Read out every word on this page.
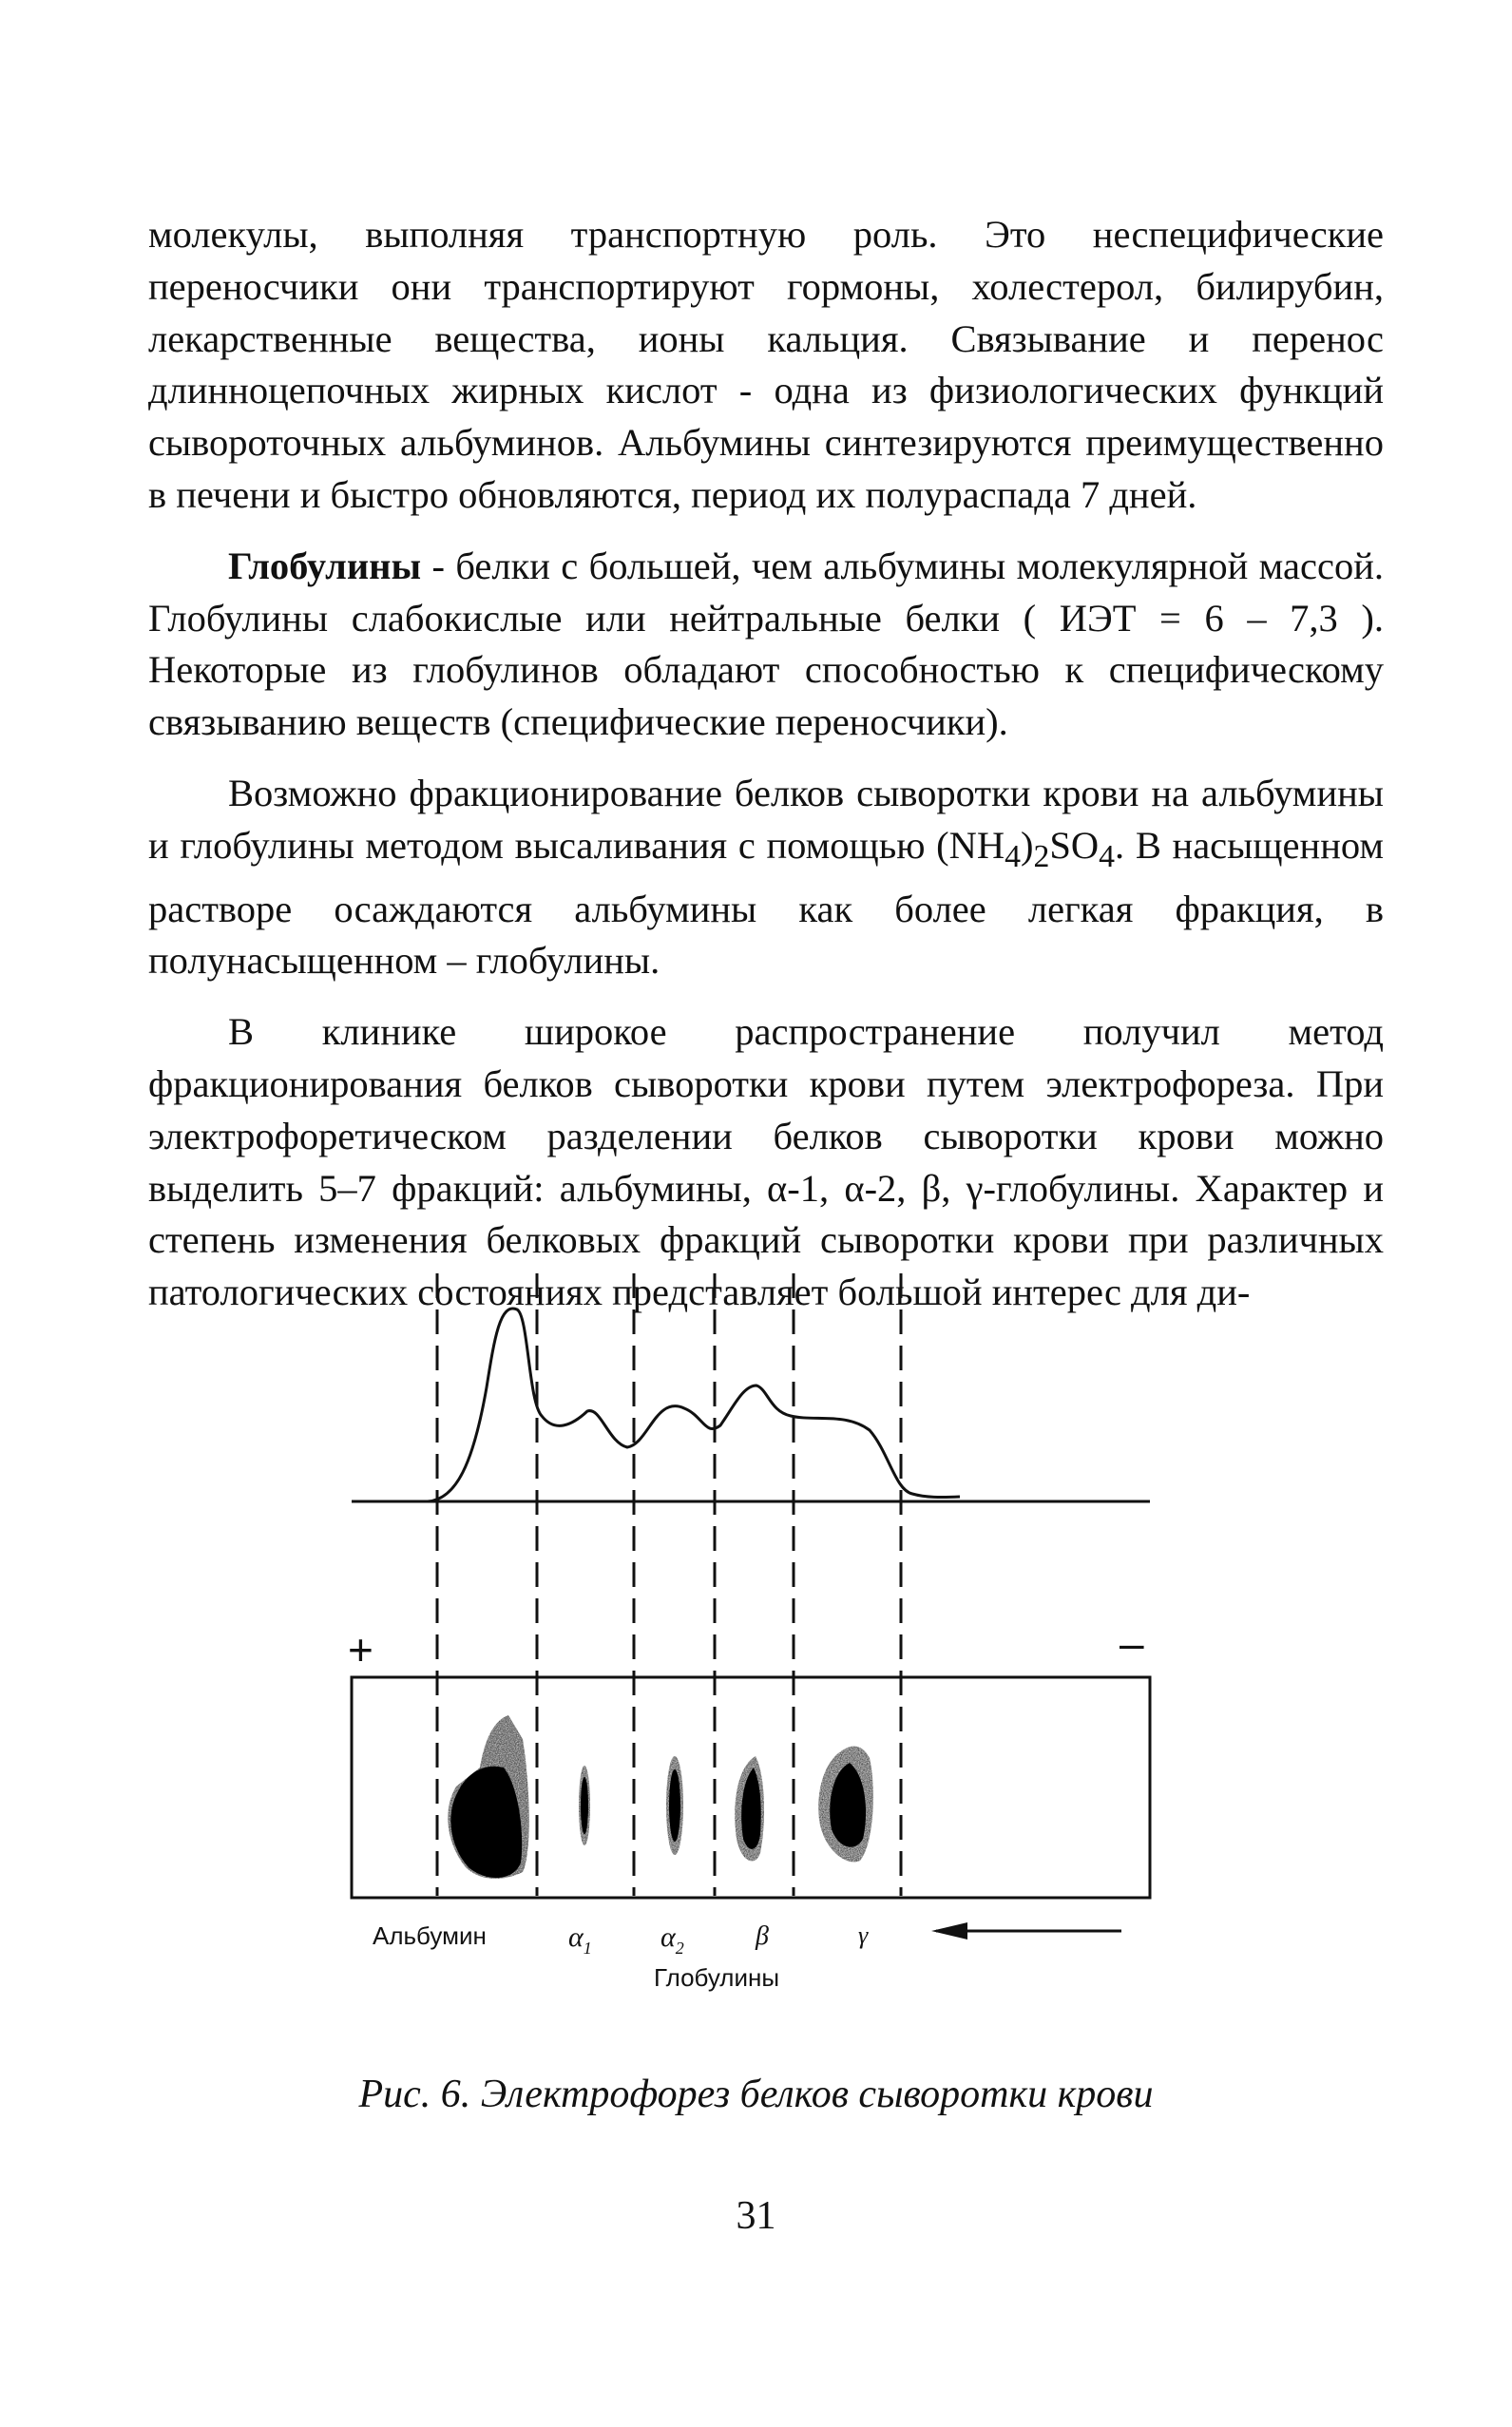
молекулы, выполняя транспортную роль. Это неспецифические переносчики они транспортируют гормоны, холестерол, билирубин, лекарственные вещества, ионы кальция. Связывание и перенос длинноцепочных жирных кислот - одна из физиологических функций сывороточных альбуминов. Альбумины синтезируются преимущественно в печени и быстро обновляются, период их полураспада 7 дней.

Глобулины - белки с большей, чем альбумины молекулярной массой. Глобулины слабокислые или нейтральные белки ( ИЭТ = 6 – 7,3 ). Некоторые из глобулинов обладают способностью к специфическому связыванию веществ (специфические переносчики).

Возможно фракционирование белков сыворотки крови на альбумины и глобулины методом высаливания с помощью $(NH_4)_2SO_4$. В насыщенном растворе осаждаются альбумины как более легкая фракция, в полунасыщенном – глобулины.

В клинике широкое распространение получил метод фракционирования белков сыворотки крови путем электрофореза. При электрофоретическом разделении белков сыворотки крови можно выделить 5–7 фракций: альбумины, α-1, α-2, β, γ-глобулины. Характер и степень изменения белковых фракций сыворотки крови при различных патологических состояниях представляет большой интерес для ди-

+	–
Альбумин	$\alpha_1$ $\alpha_2$	β	γ
Глобулины
Рис. 6. Электрофорез белков сыворотки крови
31
